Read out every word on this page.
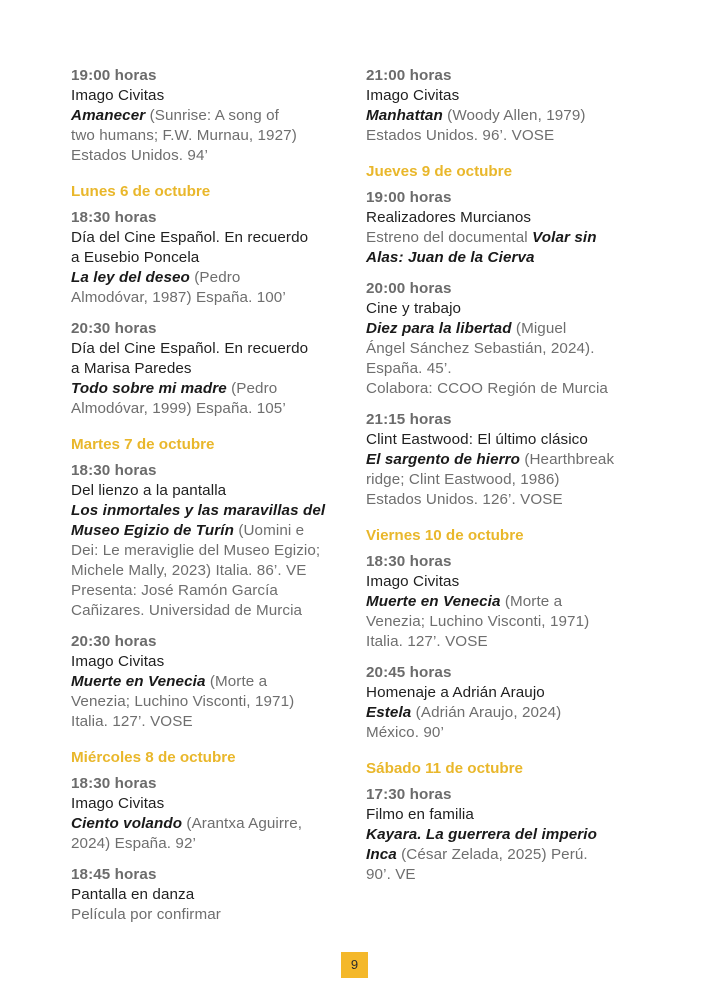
19:00 horas
Imago Civitas
Amanecer (Sunrise: A song of
two humans; F.W. Murnau, 1927)
Estados Unidos. 94’
Lunes 6 de octubre
18:30 horas
Día del Cine Español. En recuerdo
a Eusebio Poncela
La ley del deseo (Pedro
Almodóvar, 1987) España. 100’
20:30 horas
Día del Cine Español. En recuerdo
a Marisa Paredes
Todo sobre mi madre (Pedro
Almodóvar, 1999) España. 105’
Martes 7 de octubre
18:30 horas
Del lienzo a la pantalla
Los inmortales y las maravillas del
Museo Egizio de Turín (Uomini e
Dei: Le meraviglie del Museo Egizio;
Michele Mally, 2023) Italia. 86’. VE
Presenta: José Ramón García
Cañizares. Universidad de Murcia
20:30 horas
Imago Civitas
Muerte en Venecia (Morte a
Venezia; Luchino Visconti, 1971)
Italia. 127’. VOSE
Miércoles 8 de octubre
18:30 horas
Imago Civitas
Ciento volando (Arantxa Aguirre,
2024) España. 92’
18:45 horas
Pantalla en danza
Película por confirmar
21:00 horas
Imago Civitas
Manhattan (Woody Allen, 1979)
Estados Unidos. 96’. VOSE
Jueves 9 de octubre
19:00 horas
Realizadores Murcianos
Estreno del documental Volar sin
Alas: Juan de la Cierva
20:00 horas
Cine y trabajo
Diez para la libertad (Miguel
Ángel Sánchez Sebastián, 2024).
España. 45’.
Colabora: CCOO Región de Murcia
21:15 horas
Clint Eastwood: El último clásico
El sargento de hierro (Hearthbreak
ridge; Clint Eastwood, 1986)
Estados Unidos. 126’. VOSE
Viernes 10 de octubre
18:30 horas
Imago Civitas
Muerte en Venecia (Morte a
Venezia; Luchino Visconti, 1971)
Italia. 127’. VOSE
20:45 horas
Homenaje a Adrián Araujo
Estela (Adrián Araujo, 2024)
México. 90’
Sábado 11 de octubre
17:30 horas
Filmo en familia
Kayara. La guerrera del imperio
Inca (César Zelada, 2025) Perú.
90’. VE
9
